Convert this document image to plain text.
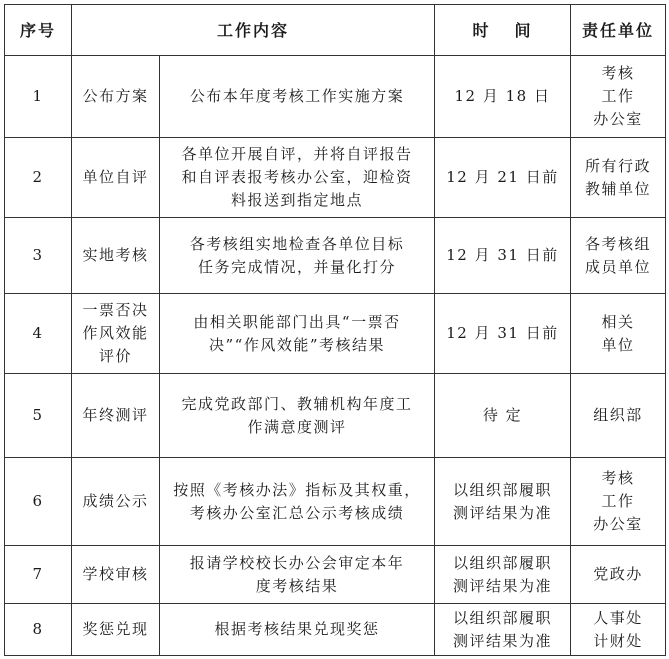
序号	工作内容		时间	责任单位
1	公布方案	公布本年度考核工作实施方案	12 月 18 日	考核
工作
办公室
2	单位自评	各单位开展自评，并将自评报告
和自评表报考核办公室，迎检资
料报送到指定地点	12 月 21 日前	所有行政
教辅单位
3	实地考核	各考核组实地检查各单位目标
任务完成情况，并量化打分	12 月 31 日前	各考核组
成员单位
4	一票否决
作风效能
评价	由相关职能部门出具“一票否
决”“作风效能”考核结果	12 月 31 日前	相关
单位
5	年终测评	完成党政部门、教辅机构年度工
作满意度测评	待 定	组织部
6	成绩公示	按照《考核办法》指标及其权重，
考核办公室汇总公示考核成绩	以组织部履职
测评结果为准	考核
工作
办公室
7	学校审核	报请学校校长办公会审定本年
度考核结果	以组织部履职
测评结果为准	党政办
8	奖惩兑现	根据考核结果兑现奖惩	以组织部履职
测评结果为准	人事处
计财处
